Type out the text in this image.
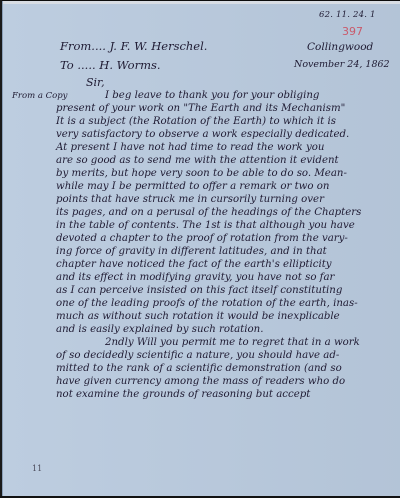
62. 11. 24. 1
397
From.... J. F. W. Herschel.
To ..... H. Worms.
Collingwood
November 24, 1862
Sir,
From a Copy	I beg leave to thank you for your obliging
present of your work on "The Earth and its Mechanism"
It is a subject (the Rotation of the Earth) to which it is
very satisfactory to observe a work especially dedicated.
At present I have not had time to read the work you
are so good as to send me with the attention it evident
by merits, but hope very soon to be able to do so. Mean-
while may I be permitted to offer a remark or two on
points that have struck me in cursorily turning over
its pages, and on a perusal of the headings of the Chapters
in the table of contents. The 1st is that although you have
devoted a chapter to the proof of rotation from the vary-
ing force of gravity in different latitudes, and in that
chapter have noticed the fact of the earth's ellipticity
and its effect in modifying gravity, you have not so far
as I can perceive insisted on this fact itself constituting
one of the leading proofs of the rotation of the earth, inas-
much as without such rotation it would be inexplicable
and is easily explained by such rotation.
2ndly Will you permit me to regret that in a work
of so decidedly scientific a nature, you should have ad-
mitted to the rank of a scientific demonstration (and so
have given currency among the mass of readers who do
not examine the grounds of reasoning but accept
11
